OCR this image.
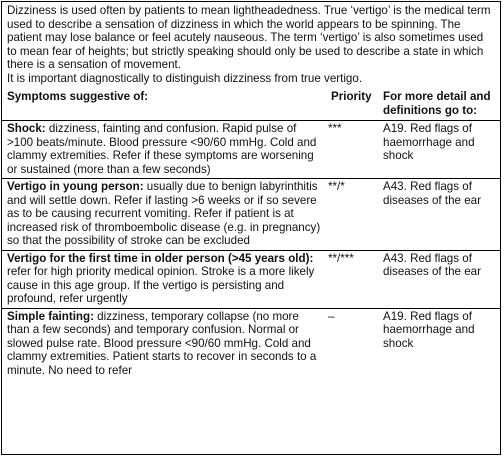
Dizziness is used often by patients to mean lightheadedness. True ‘vertigo’ is the medical term used to describe a sensation of dizziness in which the world appears to be spinning. The patient may lose balance or feel acutely nauseous. The term ‘vertigo’ is also sometimes used to mean fear of heights; but strictly speaking should only be used to describe a state in which there is a sensation of movement.

It is important diagnostically to distinguish dizziness from true vertigo.

Symptoms suggestive of:	Priority	For more detail and definitions go to:
Shock: dizziness, fainting and confusion. Rapid pulse of >100 beats/minute. Blood pressure <90/60 mmHg. Cold and clammy extremities. Refer if these symptoms are worsening or sustained (more than a few seconds)	***	A19. Red flags of haemorrhage and shock
Vertigo in young person: usually due to benign labyrinthitis and will settle down. Refer if lasting >6 weeks or if so severe as to be causing recurrent vomiting. Refer if patient is at increased risk of thromboembolic disease (e.g. in pregnancy) so that the possibility of stroke can be excluded	**/*	A43. Red flags of diseases of the ear
Vertigo for the first time in older person (>45 years old): refer for high priority medical opinion. Stroke is a more likely cause in this age group. If the vertigo is persisting and profound, refer urgently	**/***	A43. Red flags of diseases of the ear
Simple fainting: dizziness, temporary collapse (no more than a few seconds) and temporary confusion. Normal or slowed pulse rate. Blood pressure <90/60 mmHg. Cold and clammy extremities. Patient starts to recover in seconds to a minute. No need to refer	–	A19. Red flags of haemorrhage and shock
